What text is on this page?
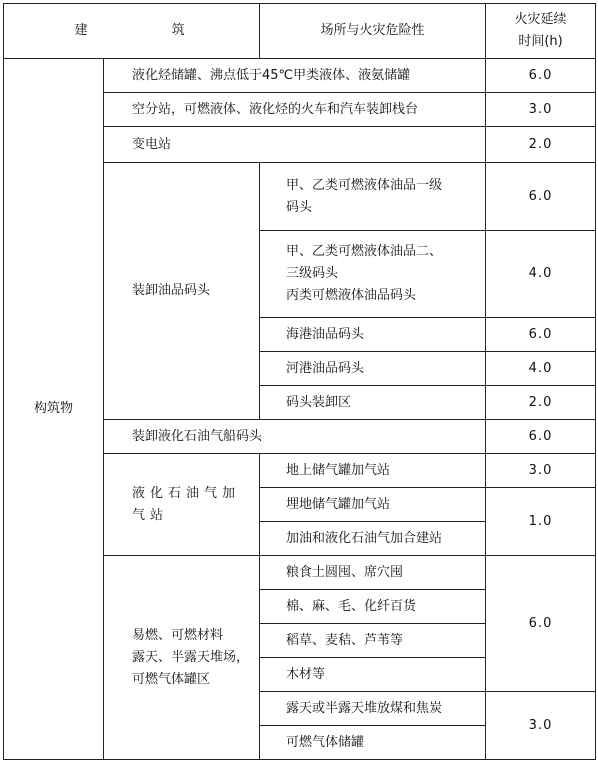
建 筑		场所与火灾危险性	火灾延续
时间(h)

构筑物	液化烃储罐、沸点低于45℃甲类液体、液氨储罐		6.0
	空分站，可燃液体、液化烃的火车和汽车装卸栈台		3.0
	变电站		2.0
	装卸油品码头	甲、乙类可燃液体油品一级
码头	6.0

		甲、乙类可燃液体油品二、
三级码头
丙类可燃液体油品码头	4.0
		海港油品码头	6.0
		河港油品码头	4.0
		码头装卸区	2.0
	装卸液化石油气船码头		6.0

	液化石油气加
气站	地上储气罐加气站	3.0
		埋地储气罐加气站	1.0
		加油和液化石油气加合建站	

	易燃、可燃材料
露天、半露天堆场，
可燃气体罐区	粮食土圆囤、席穴囤	6.0
		棉、麻、毛、化纤百货	
		稻草、麦秸、芦苇等	
		木材等	
		露天或半露天堆放煤和焦炭	3.0
		可燃气体储罐	
